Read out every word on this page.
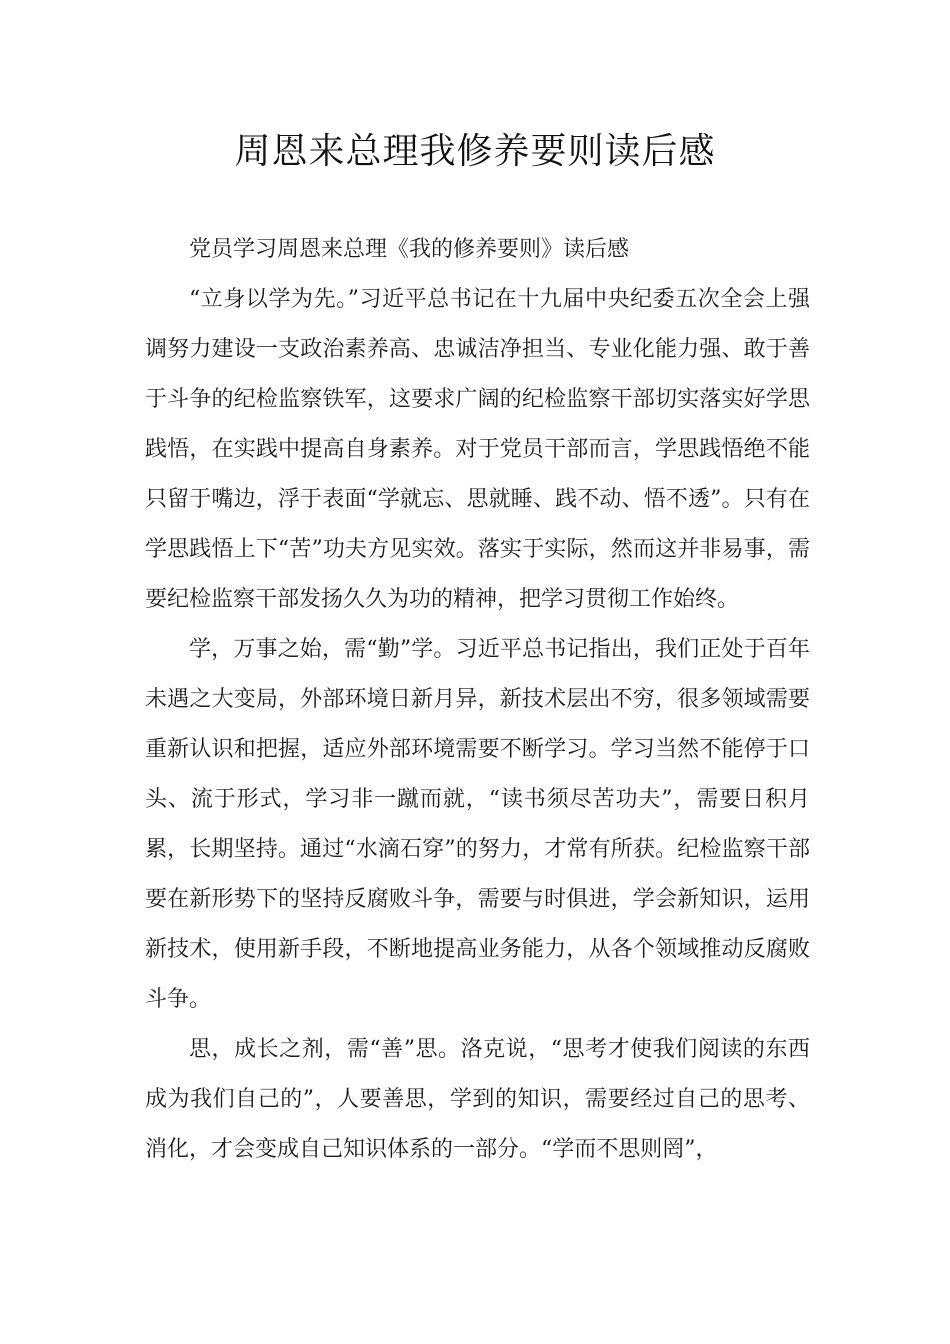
周恩来总理我修养要则读后感

党员学习周恩来总理《我的修养要则》读后感

“立身以学为先。”习近平总书记在十九届中央纪委五次全会上强调努力建设一支政治素养高、忠诚洁净担当、专业化能力强、敢于善于斗争的纪检监察铁军，这要求广阔的纪检监察干部切实落实好学思践悟，在实践中提高自身素养。对于党员干部而言，学思践悟绝不能只留于嘴边，浮于表面“学就忘、思就睡、践不动、悟不透”。只有在学思践悟上下“苦”功夫方见实效。落实于实际，然而这并非易事，需要纪检监察干部发扬久久为功的精神，把学习贯彻工作始终。

学，万事之始，需“勤”学。习近平总书记指出，我们正处于百年未遇之大变局，外部环境日新月异，新技术层出不穷，很多领域需要重新认识和把握，适应外部环境需要不断学习。学习当然不能停于口头、流于形式，学习非一蹴而就，“读书须尽苦功夫”，需要日积月累，长期坚持。通过“水滴石穿”的努力，才常有所获。纪检监察干部要在新形势下的坚持反腐败斗争，需要与时俱进，学会新知识，运用新技术，使用新手段，不断地提高业务能力，从各个领域推动反腐败斗争。

思，成长之剂，需“善”思。洛克说，“思考才使我们阅读的东西成为我们自己的”，人要善思，学到的知识，需要经过自己的思考、消化，才会变成自己知识体系的一部分。“学而不思则罔”，
